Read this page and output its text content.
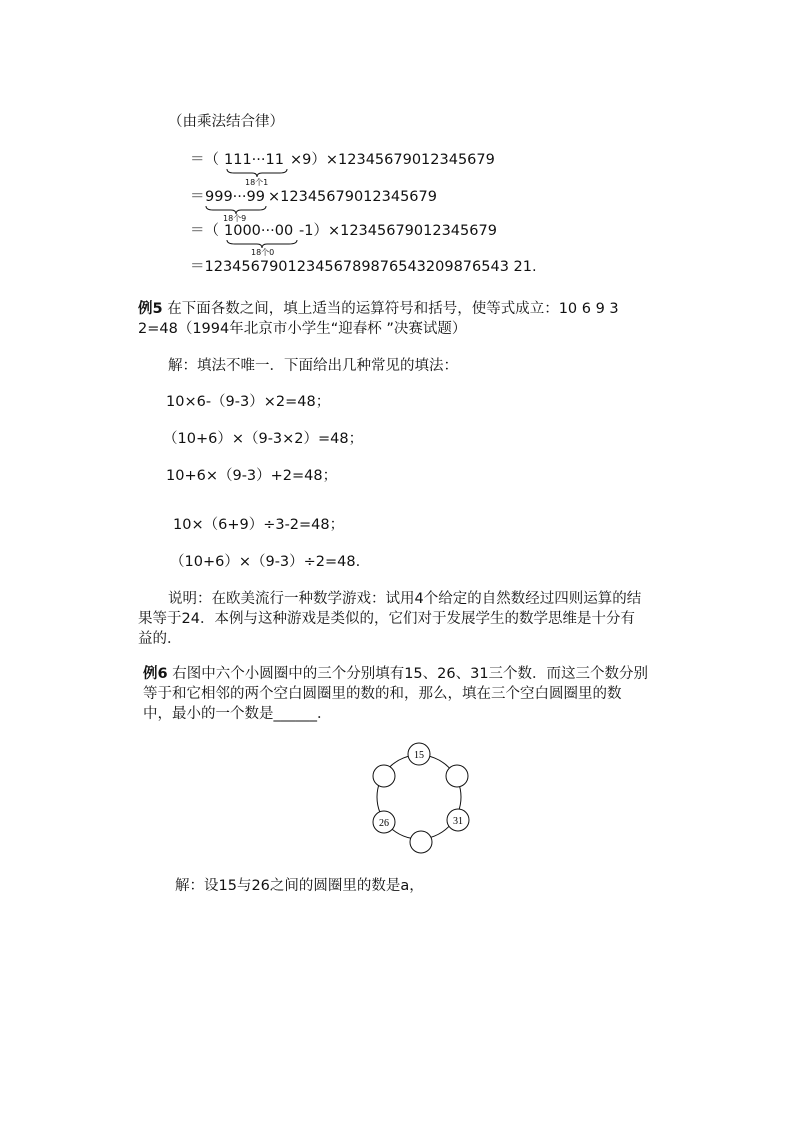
（由乘法结合律）
＝（ 111···11 ×9）×12345679012345679
18个1
＝ 999···99 ×12345679012345679
18个9
＝（ 1000···00 -1）×12345679012345679
18个0
＝123456790123456789876543209876543 21.
例5 在下面各数之间，填上适当的运算符号和括号，使等式成立：10 6 9 3
2=48（1994年北京市小学生“迎春杯 ”决赛试题）
解：填法不唯一．下面给出几种常见的填法：
10×6-（9-3）×2=48；
（10+6）×（9-3×2）=48；
10+6×（9-3）+2=48；
10×（6+9）÷3-2=48；
（10+6）×（9-3）÷2=48.
说明：在欧美流行一种数学游戏：试用4个给定的自然数经过四则运算的结
果等于24．本例与这种游戏是类似的，它们对于发展学生的数学思维是十分有
益的．
例6 右图中六个小圆圈中的三个分别填有15、26、31三个数．而这三个数分别
等于和它相邻的两个空白圆圈里的数的和，那么，填在三个空白圆圈里的数
中，最小的一个数是______．
15
31
26
解：设15与26之间的圆圈里的数是a，
